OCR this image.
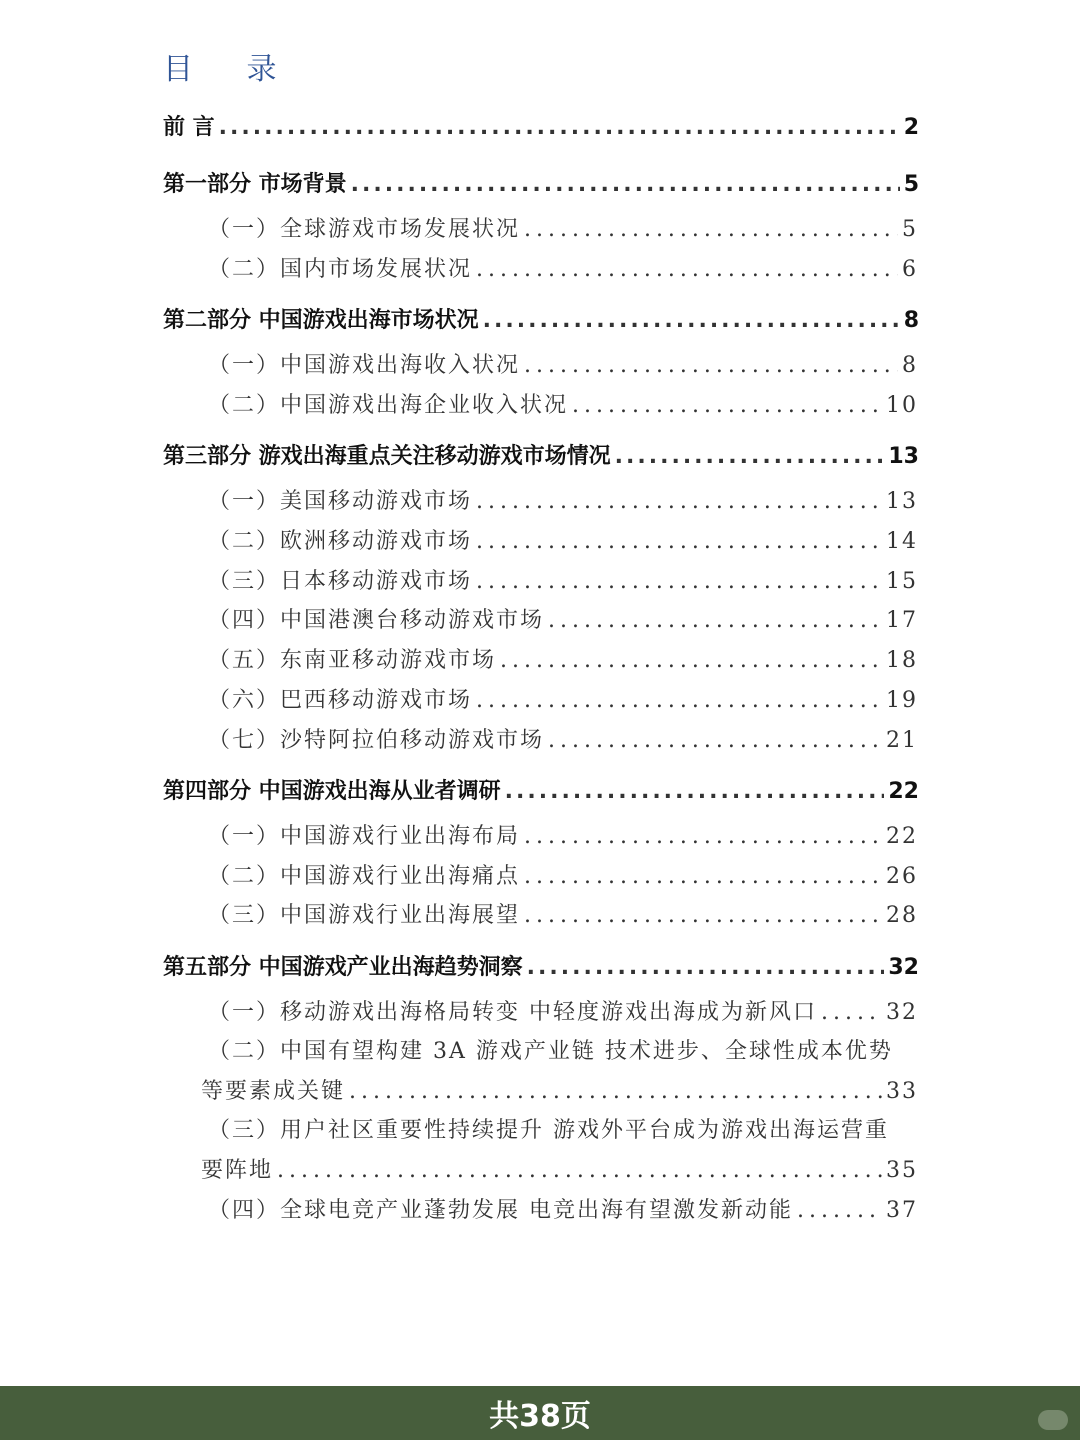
目 录
前 言 .....	2
第一部分 市场背景 .....	5
（一）全球游戏市场发展状况 .....	5
（二）国内市场发展状况 .....	6
第二部分 中国游戏出海市场状况 .....	8
（一）中国游戏出海收入状况 .....	8
（二）中国游戏出海企业收入状况 .....	10
第三部分 游戏出海重点关注移动游戏市场情况 .....	13
（一）美国移动游戏市场 .....	13
（二）欧洲移动游戏市场 .....	14
（三）日本移动游戏市场 .....	15
（四）中国港澳台移动游戏市场 .....	17
（五）东南亚移动游戏市场 .....	18
（六）巴西移动游戏市场 .....	19
（七）沙特阿拉伯移动游戏市场 .....	21
第四部分 中国游戏出海从业者调研 .....	22
（一）中国游戏行业出海布局 .....	22
（二）中国游戏行业出海痛点 .....	26
（三）中国游戏行业出海展望 .....	28
第五部分 中国游戏产业出海趋势洞察 .....	32
（一）移动游戏出海格局转变 中轻度游戏出海成为新风口 .....	32
（二）中国有望构建 3A 游戏产业链 技术进步、全球性成本优势
等要素成关键 .....	33
（三）用户社区重要性持续提升 游戏外平台成为游戏出海运营重
要阵地 .....	35
（四）全球电竞产业蓬勃发展 电竞出海有望激发新动能 .....	37
共38页
